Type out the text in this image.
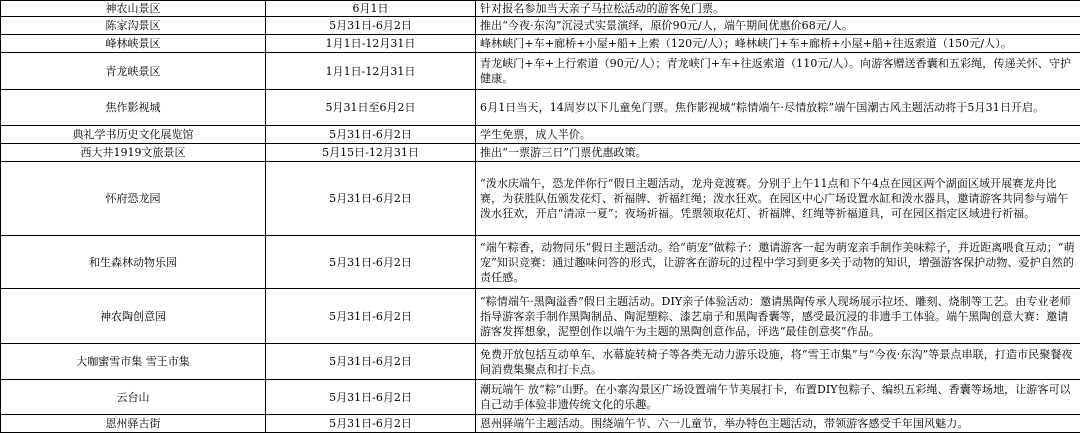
神农山景区	6月1日	针对报名参加当天亲子马拉松活动的游客免门票。
陈家沟景区	5月31日-6月2日	推出“今夜·东沟”沉浸式实景演绎，原价90元/人，端午期间优惠价68元/人。
峰林峡景区	1月1日-12月31日	峰林峡门+车+廊桥+小屋+船+上索（120元/人）；峰林峡门+车+廊桥+小屋+船+往返索道（150元/人）。
青龙峡景区	1月1日-12月31日	青龙峡门+车+上行索道（90元/人）；青龙峡门+车+往返索道（110元/人）。向游客赠送香囊和五彩绳，传递关怀、守护健康。
焦作影视城	5月31日至6月2日	6月1日当天，14周岁以下儿童免门票。焦作影视城“粽情端午·尽情放粽”端午国潮古风主题活动将于5月31日开启。
典礼学书历史文化展览馆	5月31日-6月2日	学生免票，成人半价。
西大井1919文旅景区	5月15日-12月31日	推出“一票游三日”门票优惠政策。
怀府恐龙园	5月31日-6月2日	“泼水庆端午，恐龙伴你行”假日主题活动，龙舟竞渡赛。分别于上午11点和下午4点在园区两个湖面区域开展赛龙舟比赛，为获胜队伍颁发花灯、祈福牌、祈福红绳；泼水狂欢。在园区中心广场设置水缸和泼水器具，邀请游客共同参与端午泼水狂欢，开启“清凉一夏”；夜场祈福。凭票领取花灯、祈福牌、红绳等祈福道具，可在园区指定区域进行祈福。
和生森林动物乐园	5月31日-6月2日	“端午粽香，动物同乐”假日主题活动。给“萌宠”做粽子：邀请游客一起为萌宠亲手制作美味粽子，并近距离喂食互动；“萌宠”知识竞赛：通过趣味问答的形式，让游客在游玩的过程中学习到更多关于动物的知识，增强游客保护动物、爱护自然的责任感。
神农陶创意园	5月31日-6月2日	“粽情端午·黑陶溢香”假日主题活动。DIY亲子体验活动：邀请黑陶传承人现场展示拉坯、雕刻、烧制等工艺。由专业老师指导游客亲手制作黑陶制品、陶泥塑粽、漆艺扇子和黑陶香囊等，感受最沉浸的非遗手工体验。端午黑陶创意大赛：邀请游客发挥想象，泥塑创作以端午为主题的黑陶创意作品，评选“最佳创意奖”作品。
大咖蜜雪市集 雪王市集	5月31日-6月2日	免费开放包括互动单车、水幕旋转椅子等各类无动力游乐设施，将“雪王市集”与“今夜·东沟”等景点串联，打造市民聚餐夜间消费集聚点和打卡点。
云台山	5月31日-6月2日	潮玩端午 放“粽”山野。在小寨沟景区广场设置端午节美展打卡，布置DIY包粽子、编织五彩绳、香囊等场地，让游客可以自己动手体验非遗传统文化的乐趣。
恩州驿古街	5月31日-6月2日	恩州驿端午主题活动。围绕端午节、六一儿童节，举办特色主题活动，带领游客感受千年国风魅力。
